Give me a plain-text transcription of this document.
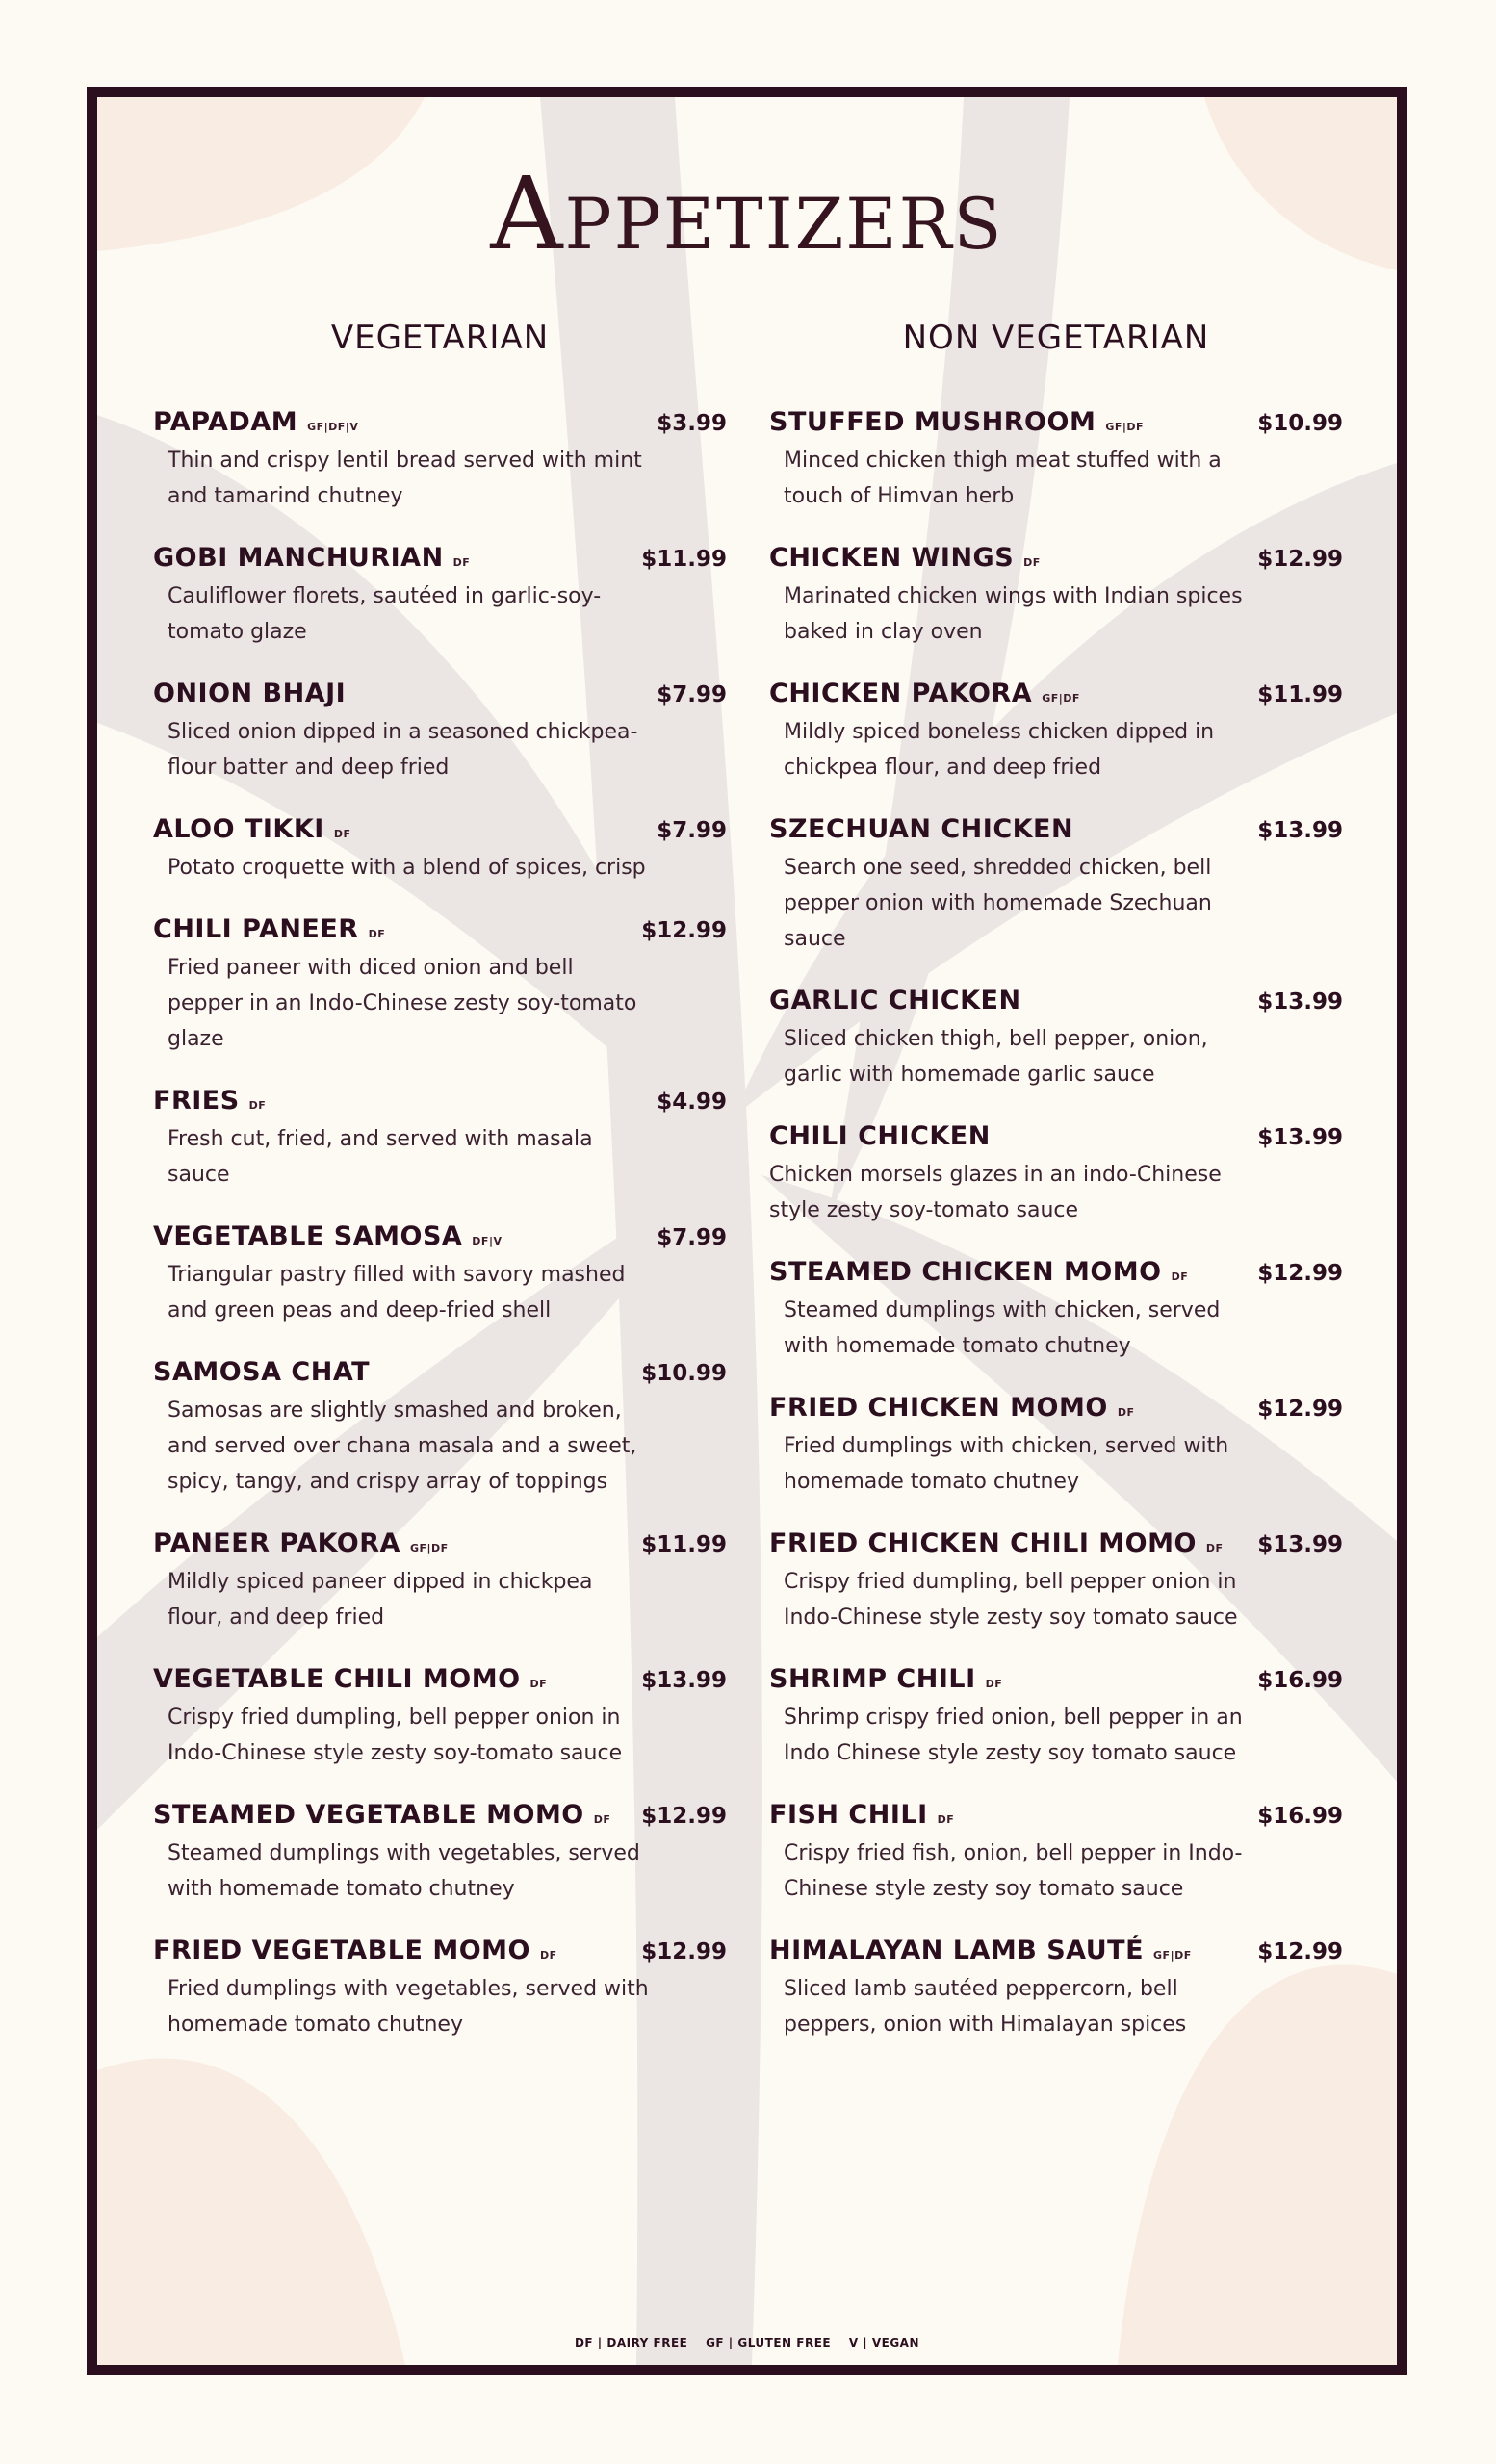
Appetizers
VEGETARIAN
PAPADAM GF|DF|V	$3.99
Thin and crispy lentil bread served with mint and tamarind chutney
GOBI MANCHURIAN DF	$11.99
Cauliflower florets, sautéed in garlic-soy-tomato glaze
ONION BHAJI	$7.99
Sliced onion dipped in a seasoned chickpea-flour batter and deep fried
ALOO TIKKI DF	$7.99
Potato croquette with a blend of spices, crisp
CHILI PANEER DF	$12.99
Fried paneer with diced onion and bell pepper in an Indo-Chinese zesty soy-tomato glaze
FRIES DF	$4.99
Fresh cut, fried, and served with masala sauce
VEGETABLE SAMOSA DF|V	$7.99
Triangular pastry filled with savory mashed and green peas and deep-fried shell
SAMOSA CHAT	$10.99
Samosas are slightly smashed and broken, and served over chana masala and a sweet, spicy, tangy, and crispy array of toppings
PANEER PAKORA GF|DF	$11.99
Mildly spiced paneer dipped in chickpea flour, and deep fried
VEGETABLE CHILI MOMO DF	$13.99
Crispy fried dumpling, bell pepper onion in Indo-Chinese style zesty soy-tomato sauce
STEAMED VEGETABLE MOMO DF $12.99
Steamed dumplings with vegetables, served with homemade tomato chutney
FRIED VEGETABLE MOMO DF	$12.99
Fried dumplings with vegetables, served with homemade tomato chutney
NON VEGETARIAN
STUFFED MUSHROOM GF|DF	$10.99
Minced chicken thigh meat stuffed with a touch of Himvan herb
CHICKEN WINGS DF	$12.99
Marinated chicken wings with Indian spices baked in clay oven
CHICKEN PAKORA GF|DF	$11.99
Mildly spiced boneless chicken dipped in chickpea flour, and deep fried
SZECHUAN CHICKEN	$13.99
Search one seed, shredded chicken, bell pepper onion with homemade Szechuan sauce
GARLIC CHICKEN	$13.99
Sliced chicken thigh, bell pepper, onion, garlic with homemade garlic sauce
CHILI CHICKEN	$13.99
Chicken morsels glazes in an indo-Chinese style zesty soy-tomato sauce
STEAMED CHICKEN MOMO DF	$12.99
Steamed dumplings with chicken, served with homemade tomato chutney
FRIED CHICKEN MOMO DF	$12.99
Fried dumplings with chicken, served with homemade tomato chutney
FRIED CHICKEN CHILI MOMO DF $13.99
Crispy fried dumpling, bell pepper onion in Indo-Chinese style zesty soy tomato sauce
SHRIMP CHILI DF	$16.99
Shrimp crispy fried onion, bell pepper in an Indo Chinese style zesty soy tomato sauce
FISH CHILI DF	$16.99
Crispy fried fish, onion, bell pepper in Indo-Chinese style zesty soy tomato sauce
HIMALAYAN LAMB SAUTÉ GF|DF	$12.99
Sliced lamb sautéed peppercorn, bell peppers, onion with Himalayan spices
DF | DAIRY FREE    GF | GLUTEN FREE    V | VEGAN
